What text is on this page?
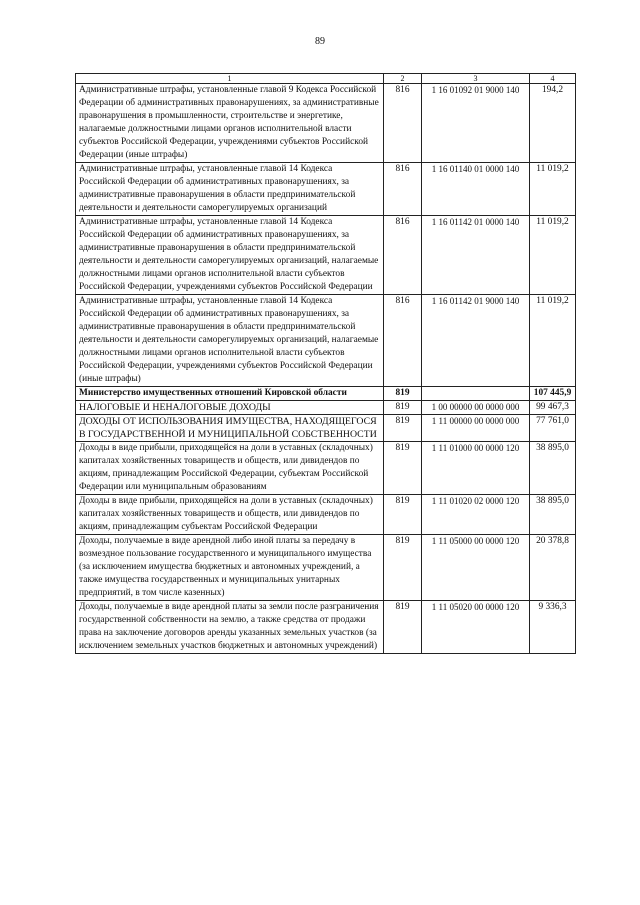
89
1	2	3	4
Административные штрафы, установленные главой 9 Кодекса Российской Федерации об административных правонарушениях, за административные правонарушения в промышленности, строительстве и энергетике, налагаемые должностными лицами органов исполнительной власти субъектов Российской Федерации, учреждениями субъектов Российской Федерации (иные штрафы)	816	1 16 01092 01 9000 140	194,2
Административные штрафы, установленные главой 14 Кодекса Российской Федерации об административных правонарушениях, за административные правонарушения в области предпринимательской деятельности и деятельности саморегулируемых организаций	816	1 16 01140 01 0000 140	11 019,2
Административные штрафы, установленные главой 14 Кодекса Российской Федерации об административных правонарушениях, за административные правонарушения в области предпринимательской деятельности и деятельности саморегулируемых организаций, налагаемые должностными лицами органов исполнительной власти субъектов Российской Федерации, учреждениями субъектов Российской Федерации	816	1 16 01142 01 0000 140	11 019,2
Административные штрафы, установленные главой 14 Кодекса Российской Федерации об административных правонарушениях, за административные правонарушения в области предпринимательской деятельности и деятельности саморегулируемых организаций, налагаемые должностными лицами органов исполнительной власти субъектов Российской Федерации, учреждениями субъектов Российской Федерации (иные штрафы)	816	1 16 01142 01 9000 140	11 019,2
Министерство имущественных отношений Кировской области	819		107 445,9
НАЛОГОВЫЕ И НЕНАЛОГОВЫЕ ДОХОДЫ	819	1 00 00000 00 0000 000	99 467,3
ДОХОДЫ ОТ ИСПОЛЬЗОВАНИЯ ИМУЩЕСТВА, НАХОДЯЩЕГОСЯ В ГОСУДАРСТВЕННОЙ И МУНИЦИПАЛЬНОЙ СОБСТВЕННОСТИ	819	1 11 00000 00 0000 000	77 761,0
Доходы в виде прибыли, приходящейся на доли в уставных (складочных) капиталах хозяйственных товариществ и обществ, или дивидендов по акциям, принадлежащим Российской Федерации, субъектам Российской Федерации или муниципальным образованиям	819	1 11 01000 00 0000 120	38 895,0
Доходы в виде прибыли, приходящейся на доли в уставных (складочных) капиталах хозяйственных товариществ и обществ, или дивидендов по акциям, принадлежащим субъектам Российской Федерации	819	1 11 01020 02 0000 120	38 895,0
Доходы, получаемые в виде арендной либо иной платы за передачу в возмездное пользование государственного и муниципального имущества (за исключением имущества бюджетных и автономных учреждений, а также имущества государственных и муниципальных унитарных предприятий, в том числе казенных)	819	1 11 05000 00 0000 120	20 378,8
Доходы, получаемые в виде арендной платы за земли после разграничения государственной собственности на землю, а также средства от продажи права на заключение договоров аренды указанных земельных участков (за исключением земельных участков бюджетных и автономных учреждений)	819	1 11 05020 00 0000 120	9 336,3
